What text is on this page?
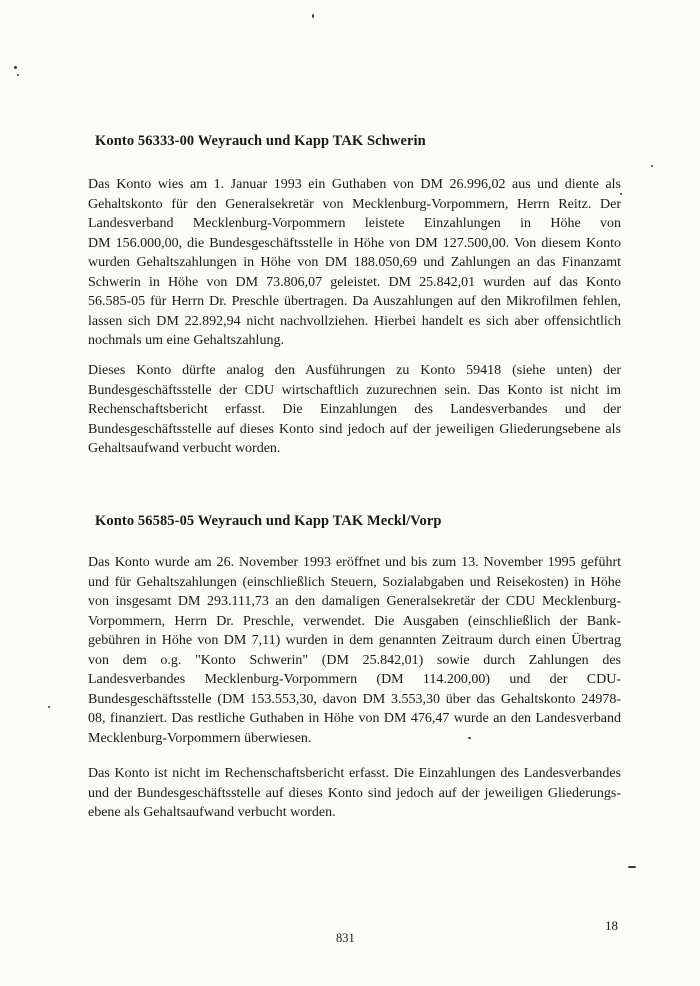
Konto 56333-00 Weyrauch und Kapp TAK Schwerin
Das Konto wies am 1. Januar 1993 ein Guthaben von DM 26.996,02 aus und diente als
Gehaltskonto für den Generalsekretär von Mecklenburg-Vorpommern, Herrn Reitz. Der
Landesverband Mecklenburg-Vorpommern leistete Einzahlungen in Höhe von
DM 156.000,00, die Bundesgeschäftsstelle in Höhe von DM 127.500,00. Von diesem Konto
wurden Gehaltszahlungen in Höhe von DM 188.050,69 und Zahlungen an das Finanzamt
Schwerin in Höhe von DM 73.806,07 geleistet. DM 25.842,01 wurden auf das Konto
56.585-05 für Herrn Dr. Preschle übertragen. Da Auszahlungen auf den Mikrofilmen fehlen,
lassen sich DM 22.892,94 nicht nachvollziehen. Hierbei handelt es sich aber offensichtlich
nochmals um eine Gehaltszahlung.
Dieses Konto dürfte analog den Ausführungen zu Konto 59418 (siehe unten) der
Bundesgeschäftsstelle der CDU wirtschaftlich zuzurechnen sein. Das Konto ist nicht im
Rechenschaftsbericht erfasst. Die Einzahlungen des Landesverbandes und der
Bundesgeschäftsstelle auf dieses Konto sind jedoch auf der jeweiligen Gliederungsebene als
Gehaltsaufwand verbucht worden.
Konto 56585-05 Weyrauch und Kapp TAK Meckl/Vorp
Das Konto wurde am 26. November 1993 eröffnet und bis zum 13. November 1995 geführt
und für Gehaltszahlungen (einschließlich Steuern, Sozialabgaben und Reisekosten) in Höhe
von insgesamt DM 293.111,73 an den damaligen Generalsekretär der CDU Mecklenburg-
Vorpommern, Herrn Dr. Preschle, verwendet. Die Ausgaben (einschließlich der Bank-
gebühren in Höhe von DM 7,11) wurden in dem genannten Zeitraum durch einen Übertrag
von dem o.g. "Konto Schwerin" (DM 25.842,01) sowie durch Zahlungen des
Landesverbandes Mecklenburg-Vorpommern (DM 114.200,00) und der CDU-
Bundesgeschäftsstelle (DM 153.553,30, davon DM 3.553,30 über das Gehaltskonto 24978-
08, finanziert. Das restliche Guthaben in Höhe von DM 476,47 wurde an den Landesverband
Mecklenburg-Vorpommern überwiesen.
Das Konto ist nicht im Rechenschaftsbericht erfasst. Die Einzahlungen des Landesverbandes
und der Bundesgeschäftsstelle auf dieses Konto sind jedoch auf der jeweiligen Gliederungs-
ebene als Gehaltsaufwand verbucht worden.
18
831
